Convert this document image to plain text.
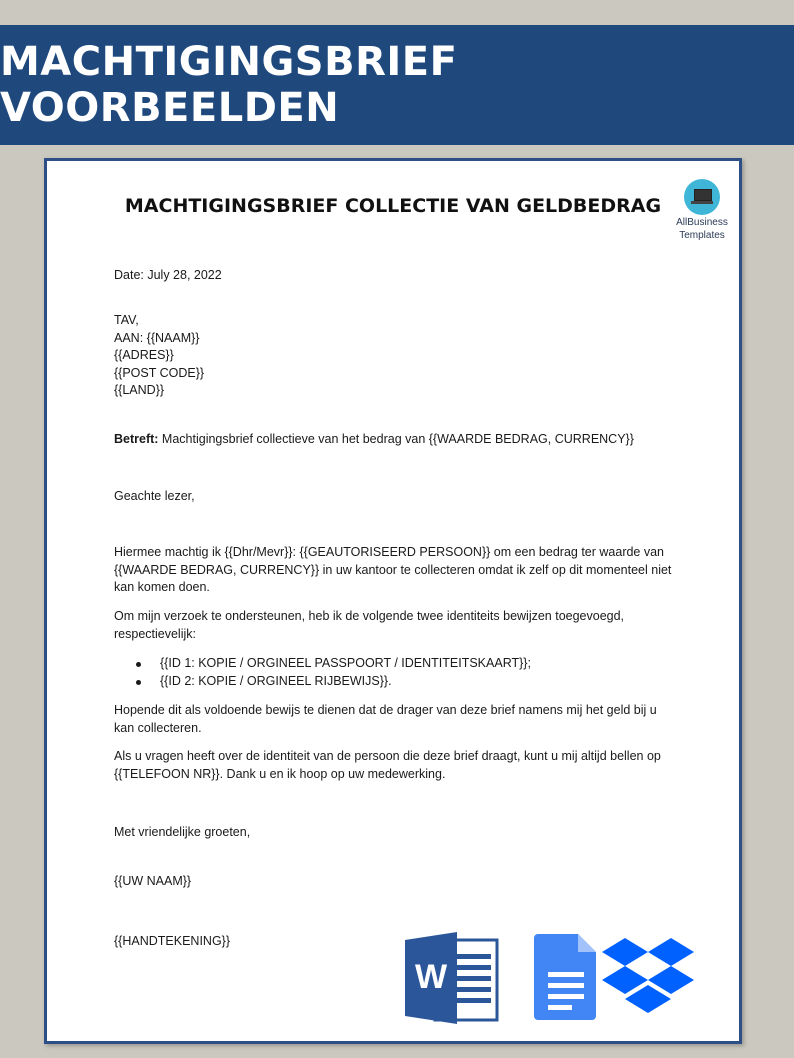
MACHTIGINGSBRIEF VOORBEELDEN
MACHTIGINGSBRIEF COLLECTIE VAN GELDBEDRAG
AllBusiness
Templates

Date: July 28, 2022

TAV,

AAN: {{NAAM}}

{{ADRES}}

{{POST CODE}}

{{LAND}}

Betreft: Machtigingsbrief collectieve van het bedrag van {{WAARDE BEDRAG, CURRENCY}}

Geachte lezer,

Hiermee machtig ik {{Dhr/Mevr}}: {{GEAUTORISEERD PERSOON}} om een bedrag ter waarde van

{{WAARDE BEDRAG, CURRENCY}} in uw kantoor te collecteren omdat ik zelf op dit momenteel niet

kan komen doen.

Om mijn verzoek te ondersteunen, heb ik de volgende twee identiteits bewijzen toegevoegd,

respectievelijk:

{{ID 1: KOPIE / ORGINEEL PASSPOORT / IDENTITEITSKAART}};
{{ID 2: KOPIE / ORGINEEL RIJBEWIJS}}.

Hopende dit als voldoende bewijs te dienen dat de drager van deze brief namens mij het geld bij u

kan collecteren.

Als u vragen heeft over de identiteit van de persoon die deze brief draagt, kunt u mij altijd bellen op

{{TELEFOON NR}}. Dank u en ik hoop op uw medewerking.

Met vriendelijke groeten,

{{UW NAAM}}

{{HANDTEKENING}}

W
